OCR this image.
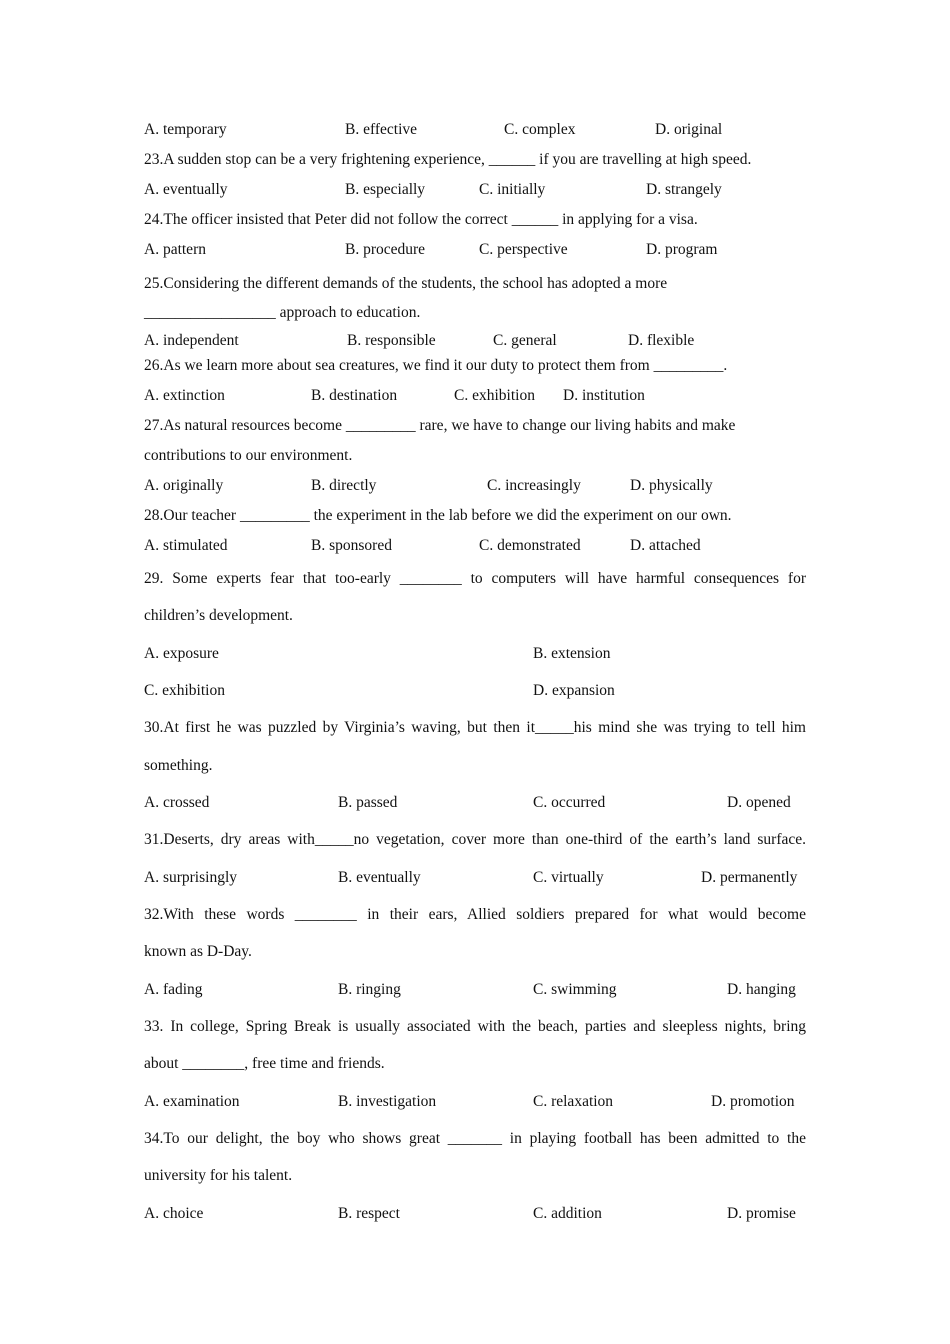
A. temporary	B. effective	C. complex	D. original
23.A sudden stop can be a very frightening experience, ______ if you are travelling at high speed.
A. eventually	B. especially	C. initially	D. strangely
24.The officer insisted that Peter did not follow the correct ______ in applying for a visa.
A. pattern	B. procedure	C. perspective	D. program
25.Considering the different demands of the students, the school has adopted a more
_________________ approach to education.
A. independent	B. responsible	C. general	D. flexible
26.As we learn more about sea creatures, we find it our duty to protect them from _________.
A. extinction	B. destination	C. exhibition D. institution
27.As natural resources become _________ rare, we have to change our living habits and make
contributions to our environment.
A. originally	B. directly	C. increasingly	D. physically
28.Our teacher _________ the experiment in the lab before we did the experiment on our own.
A. stimulated	B. sponsored	C. demonstrated	D. attached
29. Some experts fear that too-early ________ to computers will have harmful consequences for
children’s development.
A. exposure	B. extension
C. exhibition	D. expansion
30.At first he was puzzled by Virginia’s waving, but then it_____his mind she was trying to tell him
something.
A. crossed	B. passed	C. occurred	D. opened
31.Deserts, dry areas with_____no vegetation, cover more than one-third of the earth’s land surface.
A. surprisingly	B. eventually	C. virtually	D. permanently
32.With these words ________ in their ears, Allied soldiers prepared for what would become
known as D-Day.
A. fading	B. ringing	C. swimming	D. hanging
33. In college, Spring Break is usually associated with the beach, parties and sleepless nights, bring
about ________, free time and friends.
A. examination	B. investigation	C. relaxation	D. promotion
34.To our delight, the boy who shows great _______ in playing football has been admitted to the
university for his talent.
A. choice	B. respect	C. addition	D. promise
